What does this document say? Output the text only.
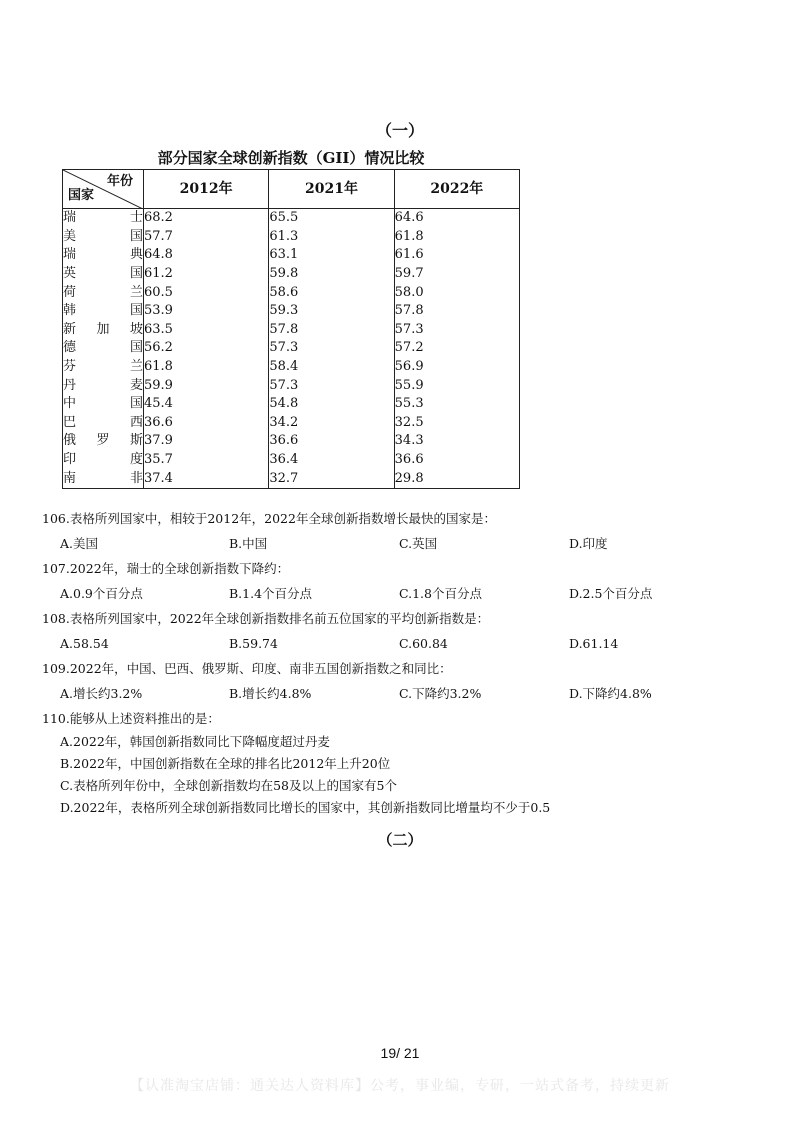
（一）
部分国家全球创新指数（GII）情况比较
年份
国家	2012年	2021年	2022年

瑞士	68.2	65.5	64.6

美国	57.7	61.3	61.8

瑞典	64.8	63.1	61.6

英国	61.2	59.8	59.7

荷兰	60.5	58.6	58.0

韩国	53.9	59.3	57.8

新加坡	63.5	57.8	57.3

德国	56.2	57.3	57.2

芬兰	61.8	58.4	56.9

丹麦	59.9	57.3	55.9

中国	45.4	54.8	55.3

巴西	36.6	34.2	32.5

俄罗斯	37.9	36.6	34.3

印度	35.7	36.4	36.6

南非	37.4	32.7	29.8

106.表格所列国家中，相较于2012年，2022年全球创新指数增长最快的国家是：

A.美国	B.中国	C.英国	D.印度

107.2022年，瑞士的全球创新指数下降约：

A.0.9个百分点	B.1.4个百分点	C.1.8个百分点	D.2.5个百分点

108.表格所列国家中，2022年全球创新指数排名前五位国家的平均创新指数是：

A.58.54	B.59.74	C.60.84	D.61.14

109.2022年，中国、巴西、俄罗斯、印度、南非五国创新指数之和同比：

A.增长约3.2%	B.增长约4.8%	C.下降约3.2%	D.下降约4.8%

110.能够从上述资料推出的是：

A.2022年，韩国创新指数同比下降幅度超过丹麦

B.2022年，中国创新指数在全球的排名比2012年上升20位

C.表格所列年份中，全球创新指数均在58及以上的国家有5个

D.2022年，表格所列全球创新指数同比增长的国家中，其创新指数同比增量均不少于0.5

（二）
19/ 21
【认准淘宝店铺：通关达人资料库】公考，事业编，专研，一站式备考，持续更新
